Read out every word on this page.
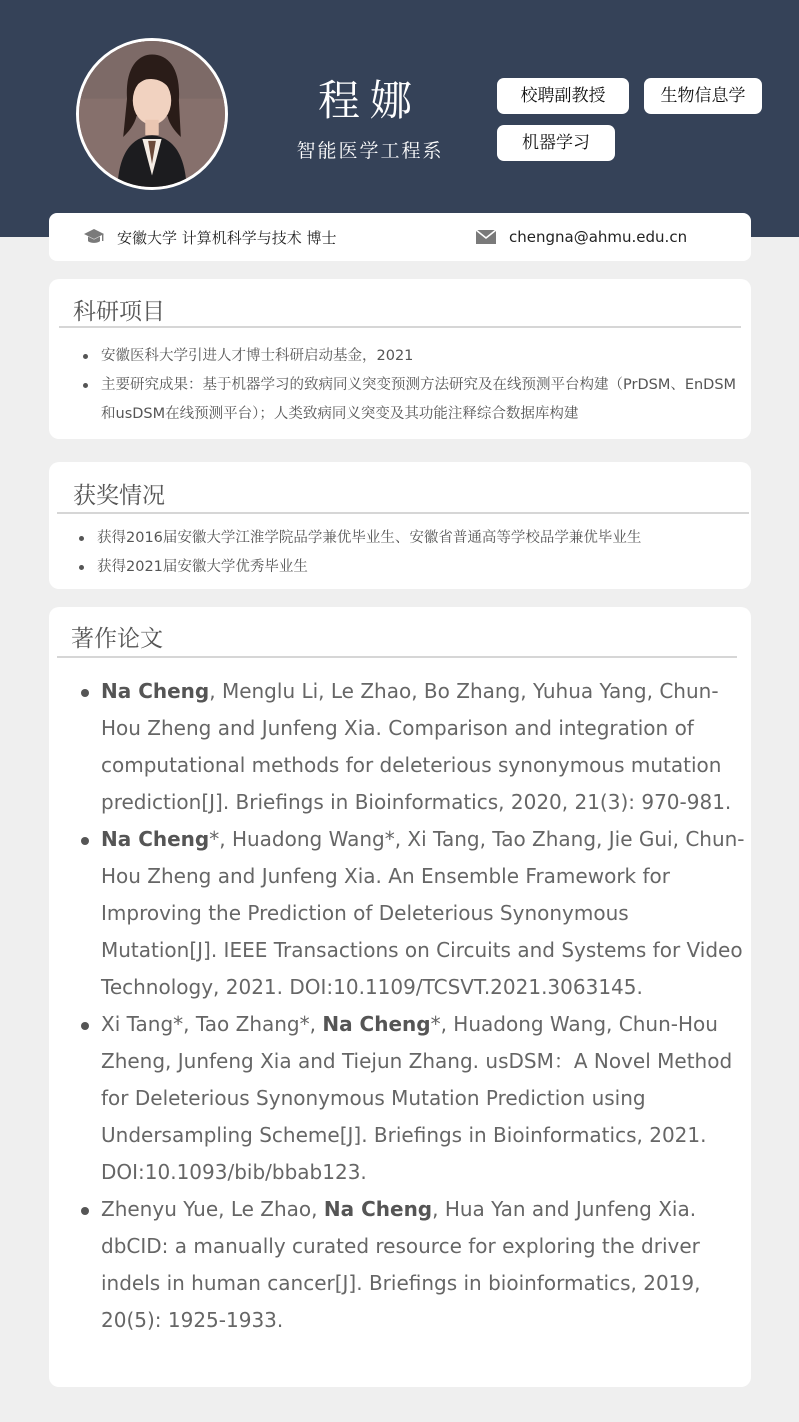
程娜
智能医学工程系
校聘副教授	生物信息学
机器学习
安徽大学 计算机科学与技术 博士	chengna@ahmu.edu.cn
科研项目
安徽医科大学引进人才博士科研启动基金，2021
主要研究成果：基于机器学习的致病同义突变预测方法研究及在线预测平台构建（PrDSM、EnDSM和usDSM在线预测平台）；人类致病同义突变及其功能注释综合数据库构建
获奖情况
获得2016届安徽大学江淮学院品学兼优毕业生、安徽省普通高等学校品学兼优毕业生
获得2021届安徽大学优秀毕业生
著作论文
Na Cheng, Menglu Li, Le Zhao, Bo Zhang, Yuhua Yang, Chun-Hou Zheng and Junfeng Xia. Comparison and integration of computational methods for deleterious synonymous mutation prediction[J]. Briefings in Bioinformatics, 2020, 21(3): 970-981.
Na Cheng*, Huadong Wang*, Xi Tang, Tao Zhang, Jie Gui, Chun-Hou Zheng and Junfeng Xia. An Ensemble Framework for Improving the Prediction of Deleterious Synonymous Mutation[J]. IEEE Transactions on Circuits and Systems for Video Technology, 2021. DOI:10.1109/TCSVT.2021.3063145.
Xi Tang*, Tao Zhang*, Na Cheng*, Huadong Wang, Chun-Hou Zheng, Junfeng Xia and Tiejun Zhang. usDSM：A Novel Method for Deleterious Synonymous Mutation Prediction using Undersampling Scheme[J]. Briefings in Bioinformatics, 2021. DOI:10.1093/bib/bbab123.
Zhenyu Yue, Le Zhao, Na Cheng, Hua Yan and Junfeng Xia. dbCID: a manually curated resource for exploring the driver indels in human cancer[J]. Briefings in bioinformatics, 2019, 20(5): 1925-1933.
